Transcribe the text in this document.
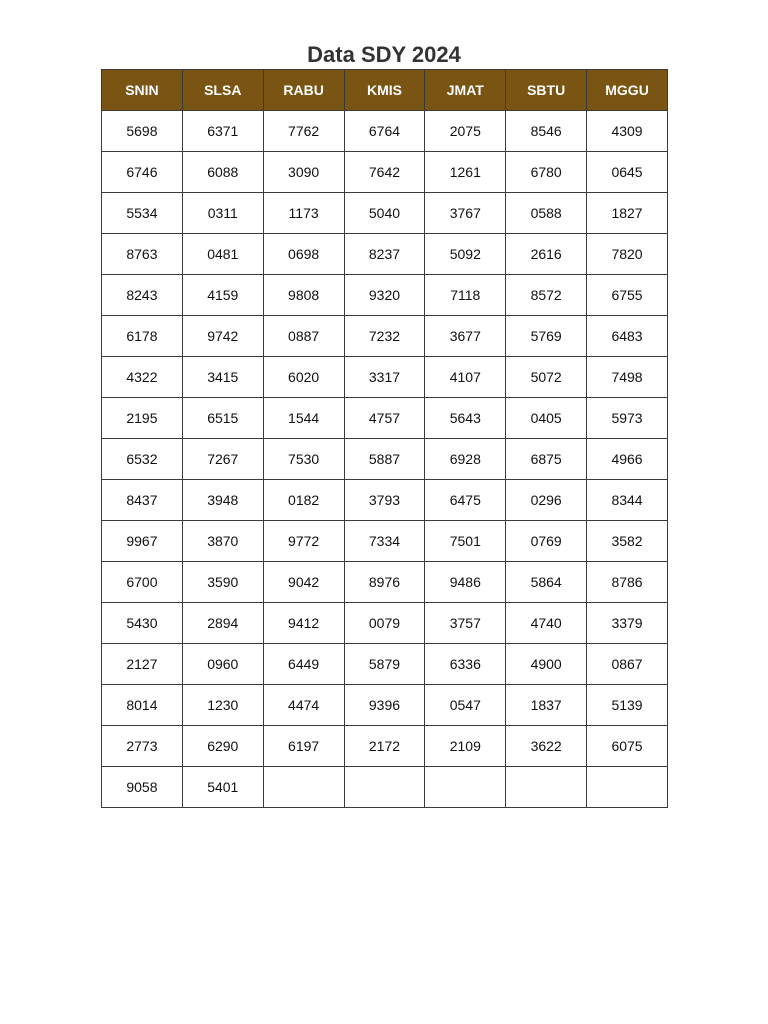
Data SDY 2024
SNIN	SLSA	RABU	KMIS	JMAT	SBTU	MGGU
5698	6371	7762	6764	2075	8546	4309
6746	6088	3090	7642	1261	6780	0645
5534	0311	1173	5040	3767	0588	1827
8763	0481	0698	8237	5092	2616	7820
8243	4159	9808	9320	7118	8572	6755
6178	9742	0887	7232	3677	5769	6483
4322	3415	6020	3317	4107	5072	7498
2195	6515	1544	4757	5643	0405	5973
6532	7267	7530	5887	6928	6875	4966
8437	3948	0182	3793	6475	0296	8344
9967	3870	9772	7334	7501	0769	3582
6700	3590	9042	8976	9486	5864	8786
5430	2894	9412	0079	3757	4740	3379
2127	0960	6449	5879	6336	4900	0867
8014	1230	4474	9396	0547	1837	5139
2773	6290	6197	2172	2109	3622	6075
9058	5401					
